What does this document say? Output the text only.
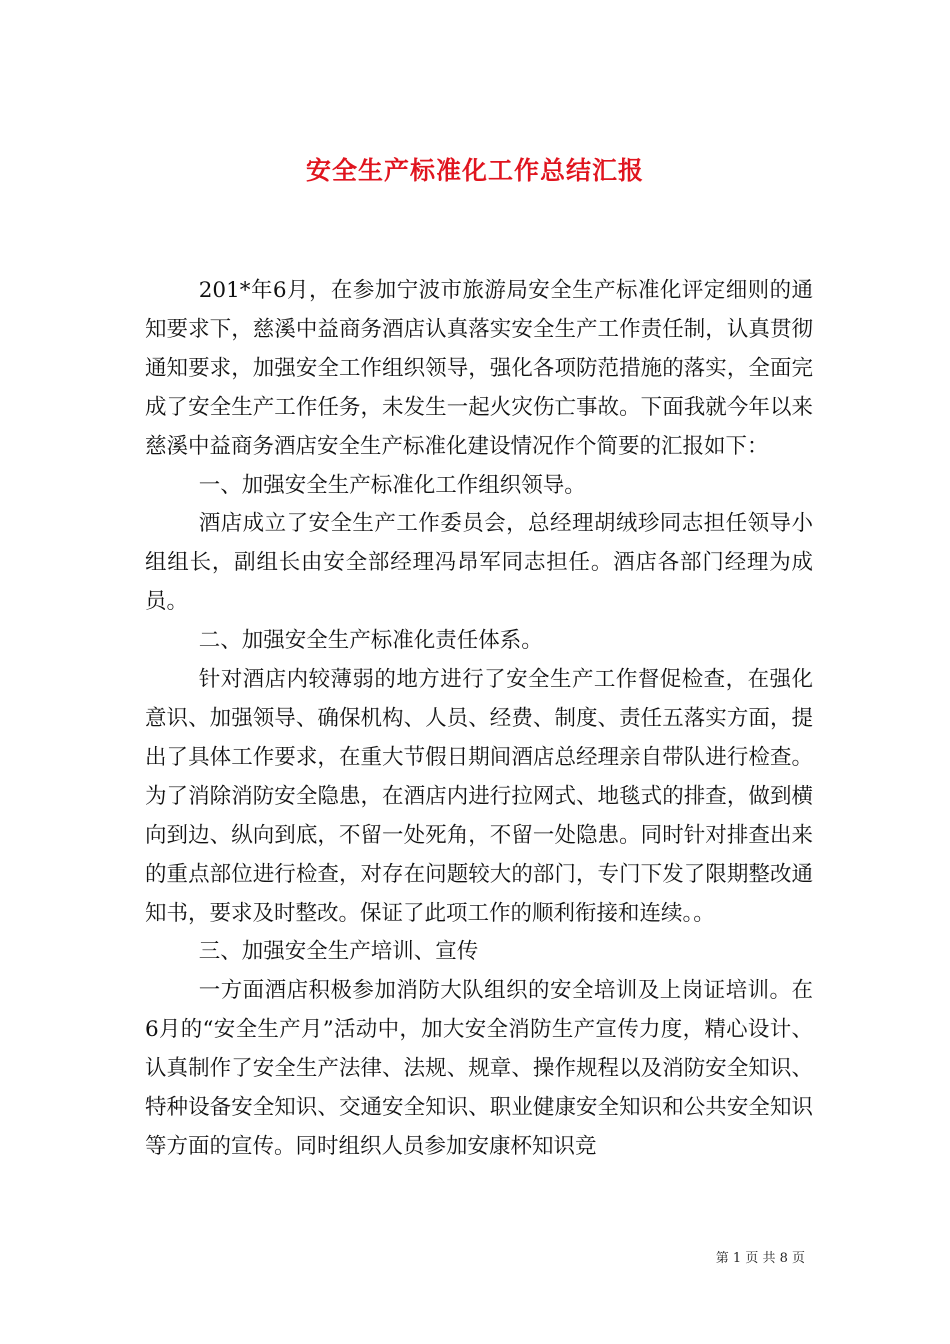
安全生产标准化工作总结汇报

201*年6月，在参加宁波市旅游局安全生产标准化评定细则的通知要求下，慈溪中益商务酒店认真落实安全生产工作责任制，认真贯彻通知要求，加强安全工作组织领导，强化各项防范措施的落实，全面完成了安全生产工作任务，未发生一起火灾伤亡事故。下面我就今年以来慈溪中益商务酒店安全生产标准化建设情况作个简要的汇报如下：

一、加强安全生产标准化工作组织领导。

酒店成立了安全生产工作委员会，总经理胡绒珍同志担任领导小组组长，副组长由安全部经理冯昂军同志担任。酒店各部门经理为成员。

二、加强安全生产标准化责任体系。

针对酒店内较薄弱的地方进行了安全生产工作督促检查，在强化意识、加强领导、确保机构、人员、经费、制度、责任五落实方面，提出了具体工作要求，在重大节假日期间酒店总经理亲自带队进行检查。为了消除消防安全隐患，在酒店内进行拉网式、地毯式的排查，做到横向到边、纵向到底，不留一处死角，不留一处隐患。同时针对排查出来的重点部位进行检查，对存在问题较大的部门，专门下发了限期整改通知书，要求及时整改。保证了此项工作的顺利衔接和连续。。

三、加强安全生产培训、宣传

一方面酒店积极参加消防大队组织的安全培训及上岗证培训。在6月的“安全生产月”活动中，加大安全消防生产宣传力度，精心设计、认真制作了安全生产法律、法规、规章、操作规程以及消防安全知识、特种设备安全知识、交通安全知识、职业健康安全知识和公共安全知识等方面的宣传。同时组织人员参加安康杯知识竞

第 1 页 共 8 页
